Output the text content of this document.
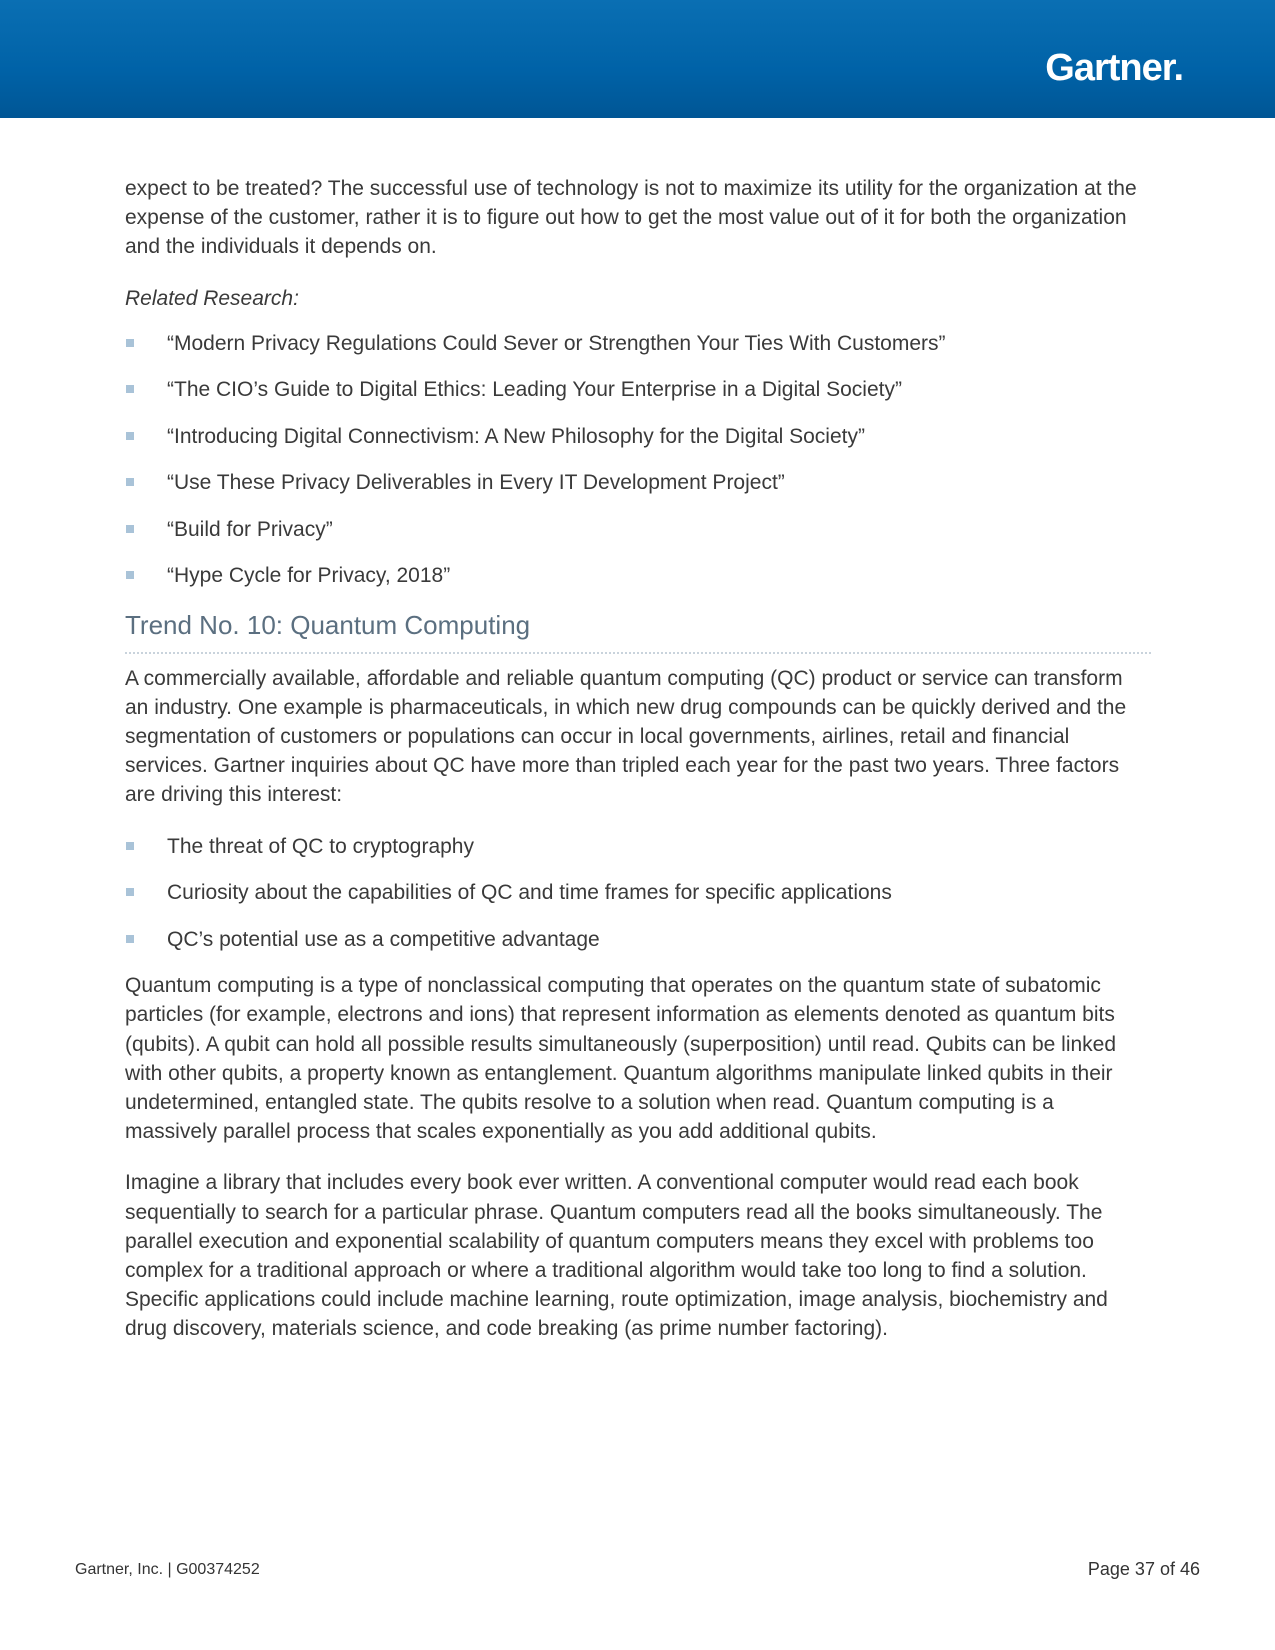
Gartner.

expect to be treated? The successful use of technology is not to maximize its utility for the organization at the expense of the customer, rather it is to figure out how to get the most value out of it for both the organization and the individuals it depends on.

Related Research:

“Modern Privacy Regulations Could Sever or Strengthen Your Ties With Customers”
“The CIO’s Guide to Digital Ethics: Leading Your Enterprise in a Digital Society”
“Introducing Digital Connectivism: A New Philosophy for the Digital Society”
“Use These Privacy Deliverables in Every IT Development Project”
“Build for Privacy”
“Hype Cycle for Privacy, 2018”
Trend No. 10: Quantum Computing

A commercially available, affordable and reliable quantum computing (QC) product or service can transform an industry. One example is pharmaceuticals, in which new drug compounds can be quickly derived and the segmentation of customers or populations can occur in local governments, airlines, retail and financial services. Gartner inquiries about QC have more than tripled each year for the past two years. Three factors are driving this interest:

The threat of QC to cryptography
Curiosity about the capabilities of QC and time frames for specific applications
QC’s potential use as a competitive advantage

Quantum computing is a type of nonclassical computing that operates on the quantum state of subatomic particles (for example, electrons and ions) that represent information as elements denoted as quantum bits (qubits). A qubit can hold all possible results simultaneously (superposition) until read. Qubits can be linked with other qubits, a property known as entanglement. Quantum algorithms manipulate linked qubits in their undetermined, entangled state. The qubits resolve to a solution when read. Quantum computing is a massively parallel process that scales exponentially as you add additional qubits.

Imagine a library that includes every book ever written. A conventional computer would read each book sequentially to search for a particular phrase. Quantum computers read all the books simultaneously. The parallel execution and exponential scalability of quantum computers means they excel with problems too complex for a traditional approach or where a traditional algorithm would take too long to find a solution. Specific applications could include machine learning, route optimization, image analysis, biochemistry and drug discovery, materials science, and code breaking (as prime number factoring).

Gartner, Inc. | G00374252	Page 37 of 46
